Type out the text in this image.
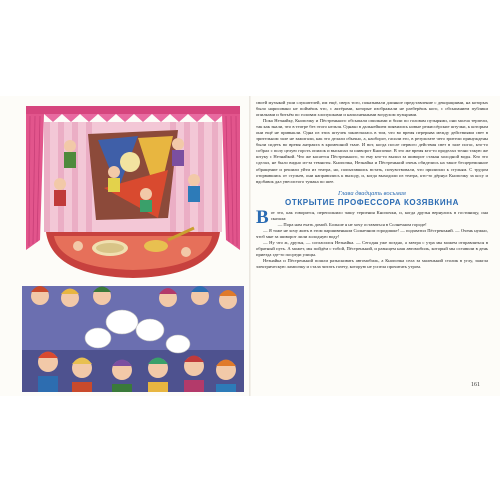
своей музыкой уши слушателей, им ещё, сверх того, показывали длинное представление с декорациями, на которых было нарисовано не поймёшь что, с актёрами, которые изображали не разберёшь кого, с обсыпанием публики опилками и битьём по головам хлопушками и наполненными воздухом пузырями.

Пока Незнайку, Кнопочку и Пёстренького обсыпали опилками и били по головам пузырями, они молча терпели, так как знали, что в театре без этого нельзя. Однако в дальнейшем появились новые режиссёрские штучки, к которым они ещё не привыкли. Одна из этих штучек заключалась в том, что во время перерыва между действиями свет в зрительном зале не зажигали, как это делали обычно, а, наоборот, гасили его, в результате чего зрители принуждены были сидеть во время антракта в кромешной тьме. И вот, когда после первого действия свет в зале погас, кто-то собрал с полу целую горсть опилок и высыпал за шиворот Кнопочке. В это же время кто-то проделал точно такую же штуку с Незнайкой. Что же касается Пёстренького, то ему кто-то вылил за шиворот стакан холодной воды. Кто это сделал, не было видно из-за темноты. Кнопочка, Незнайка и Пёстренький очень обиделись на такое бесцеремонное обращение и решили уйти из театра, но, попытавшись встать, почувствовали, что прилипли к стульям. С трудом оторвавшись от стульев, они направились к выходу, и, когда выходили из театра, кто-то дёрнул Кнопочку за косу и вдобавок дал увесистого тумака по шее.

Глава двадцать восьмая
ОТКРЫТИЕ ПРОФЕССОРА КОЗЯВКИНА

Вот это, как говорится, переполнило чашу терпения Кнопочки, и, когда друзья вернулись в гостиницу, она сказала:

— Пора нам ехать домой. Больше я не хочу оставаться в Солнечном городе!

— Я тоже не хочу жить в этом паршивеньком Солнечном городишке! — подхватил Пёстренький. — Очень нужно, чтоб мне за шиворот лили холодную воду!

— Ну что ж, друзья, — согласился Незнайка. — Сегодня уже поздно, а завтра с утра мы можем отправляться в обратный путь. А может, мы пойдём с тобой, Пёстренький, и разыщем наш автомобиль, который мы оставили в день приезда где-то посреди улицы.

Незнайка и Пёстренький пошли разыскивать автомобиль, а Кнопочка села за маленький столик в углу, зажгла электрическую лампочку и стала читать газету, которую не успела прочитать утром.

161
